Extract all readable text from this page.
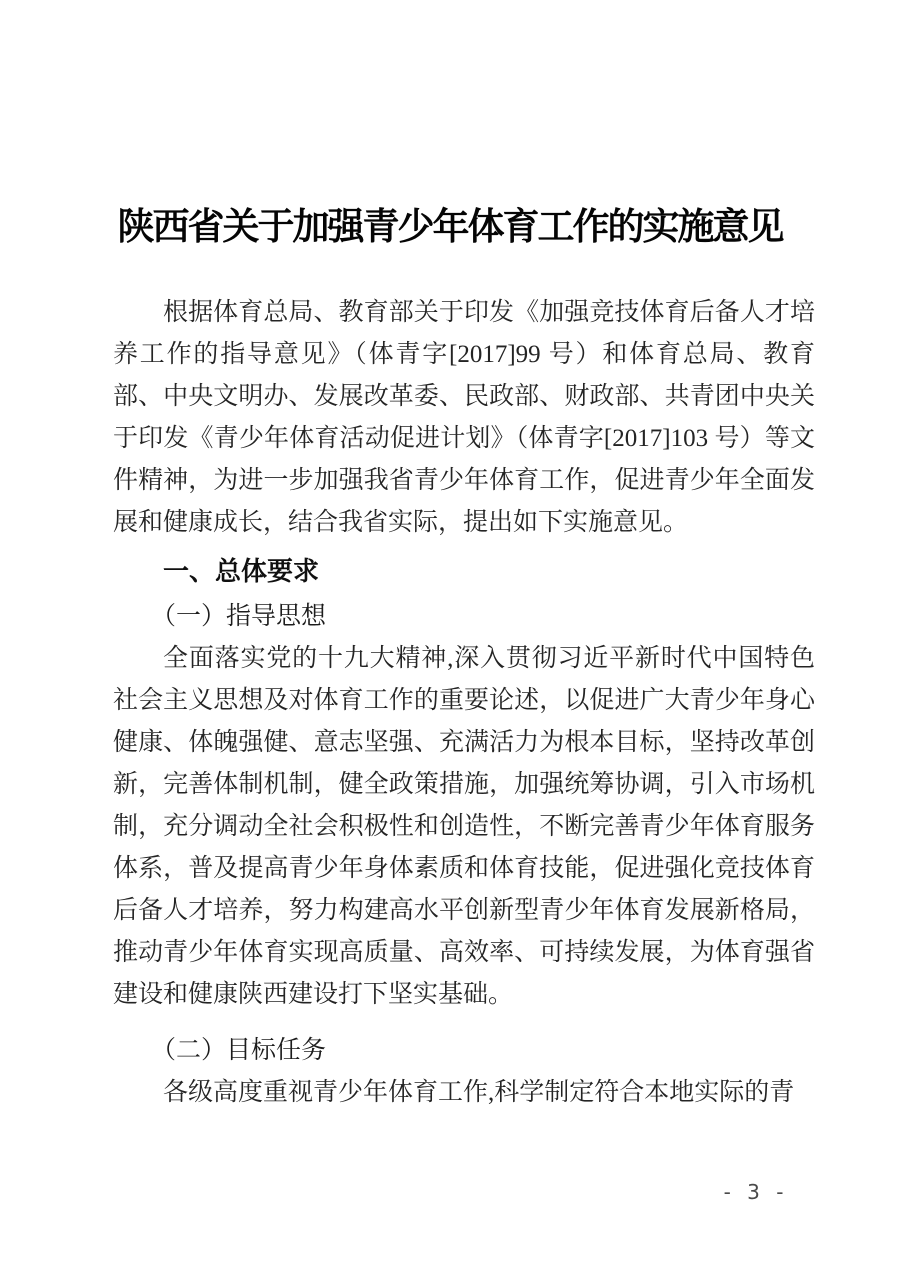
陕西省关于加强青少年体育工作的实施意见

根据体育总局、教育部关于印发《加强竞技体育后备人才培养工作的指导意见》（体青字[2017]99 号）和体育总局、教育部、中央文明办、发展改革委、民政部、财政部、共青团中央关于印发《青少年体育活动促进计划》（体青字[2017]103 号）等文件精神，为进一步加强我省青少年体育工作，促进青少年全面发展和健康成长，结合我省实际，提出如下实施意见。

一、总体要求
（一）指导思想

全面落实党的十九大精神,深入贯彻习近平新时代中国特色社会主义思想及对体育工作的重要论述，以促进广大青少年身心健康、体魄强健、意志坚强、充满活力为根本目标，坚持改革创新，完善体制机制，健全政策措施，加强统筹协调，引入市场机制，充分调动全社会积极性和创造性，不断完善青少年体育服务体系，普及提高青少年身体素质和体育技能，促进强化竞技体育后备人才培养，努力构建高水平创新型青少年体育发展新格局，推动青少年体育实现高质量、高效率、可持续发展，为体育强省建设和健康陕西建设打下坚实基础。

（二）目标任务

各级高度重视青少年体育工作,科学制定符合本地实际的青

- 3 -
